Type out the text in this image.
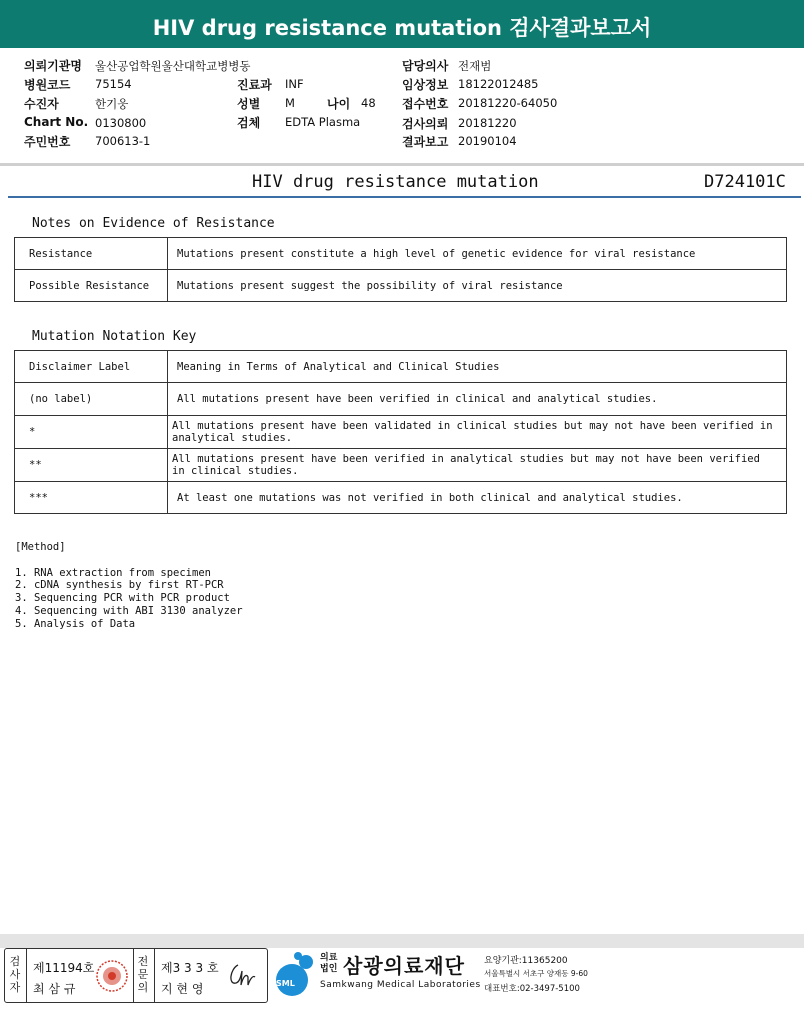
HIV drug resistance mutation 검사결과보고서
의뢰기관명 울산공업학원울산대학교병병동
병원코드 75154
수진자	한기웅
Chart No. 0130800
주민번호 700613-1
진료과 INF
성별 M	나이 48
검체 EDTA Plasma
담당의사 전재범
임상정보 18122012485
접수번호 20181220-64050
검사의뢰 20181220
결과보고 20190104
HIV drug resistance mutation	D724101C
Notes on Evidence of Resistance
Resistance	Mutations present constitute a high level of genetic evidence for viral resistance
Possible Resistance	Mutations present suggest the possibility of viral resistance
Mutation Notation Key
Disclaimer Label	Meaning in Terms of Analytical and Clinical Studies
(no label)	All mutations present have been verified in clinical and analytical studies.
*	All mutations present have been validated in clinical studies but may not have been verified in analytical studies.
**	All mutations present have been verified in analytical studies but may not have been verified in clinical studies.
***	At least one mutations was not verified in both clinical and analytical studies.
[Method]
1. RNA extraction from specimen
2. cDNA synthesis by first RT-PCR
3. Sequencing PCR with PCR product
4. Sequencing with ABI 3130 analyzer
5. Analysis of Data
검사자
제11194호
최 삼 규
전문의
제3 3 3 호
지 현 영	SML
의료법인 삼광의료재단
Samkwang Medical Laboratories
요양기관:11365200
서울특별시 서초구 양재동 9-60
대표번호:02-3497-5100
